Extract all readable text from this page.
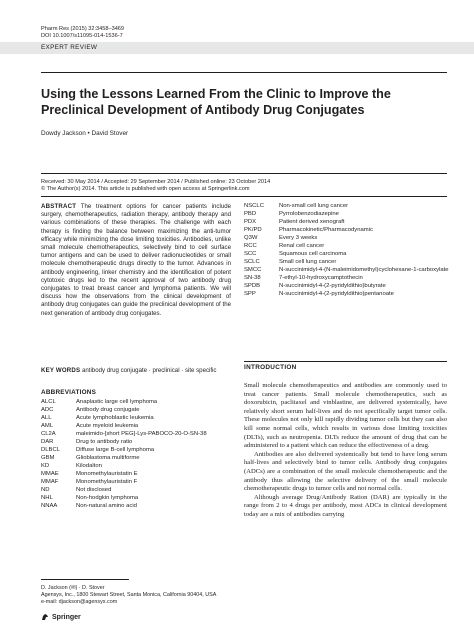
Pharm Res (2015) 32:3458–3469
DOI 10.1007/s11095-014-1536-7
EXPERT REVIEW
Using the Lessons Learned From the Clinic to Improve the Preclinical Development of Antibody Drug Conjugates
Dowdy Jackson • David Stover
Received: 30 May 2014 / Accepted: 29 September 2014 / Published online: 23 October 2014
© The Author(s) 2014. This article is published with open access at Springerlink.com
ABSTRACT The treatment options for cancer patients include surgery, chemotherapeutics, radiation therapy, antibody therapy and various combinations of these therapies. The challenge with each therapy is finding the balance between maximizing the anti-tumor efficacy while minimizing the dose limiting toxicities. Antibodies, unlike small molecule chemotherapeutics, selectively bind to cell surface tumor antigens and can be used to deliver radionucleotides or small molecule chemotherapeutic drugs directly to the tumor. Advances in antibody engineering, linker chemistry and the identification of potent cytotoxic drugs led to the recent approval of two antibody drug conjugates to treat breast cancer and lymphoma patients. We will discuss how the observations from the clinical development of antibody drug conjugates can guide the preclinical development of the next generation of antibody drug conjugates.
KEY WORDS antibody drug conjugate · preclinical · site specific
ABBREVIATIONS
ALCL	Anaplastic large cell lymphoma
ADC	Antibody drug conjugate
ALL	Acute lymphoblastic leukemia
AML	Acute myeloid leukemia
CL2A	maleimido-[short PEG]-Lys-PABOCO-20-O-SN-38
DAR	Drug to antibody ratio
DLBCL	Diffuse large B-cell lymphoma
GBM	Glioblastoma multiforme
KD	Kilodalton
MMAE	Monomethylauristatin E
MMAF	Monomethylauristatin F
ND	Not disclosed
NHL	Non-hodgkin lymphoma
NNAA	Non-natural amino acid
NSCLC	Non-small cell lung cancer
PBD	Pyrrolobenzodiazepine
PDX	Patient derived xenograft
PK/PD	Pharmacokinetic/Pharmacodynamic
Q3W	Every 3 weeks
RCC	Renal cell cancer
SCC	Squamous cell carcinoma
SCLC	Small cell lung cancer
SMCC	N-succinimidyl-4-(N-maleimidomethyl)cyclohexane-1-carboxylate
SN-38	7-ethyl-10-hydroxycamptothecin
SPDB	N-succinimidyl-4-(2-pyridyldithio)butyrate
SPP	N-succinimidyl-4-(2-pyridyldithio)pentanoate
D. Jackson (✉) · D. Stover
Agensys, Inc., 1800 Stewart Street, Santa Monica, California 90404, USA
e-mail: djackson@agensys.com
Springer
INTRODUCTION

Small molecule chemotherapeutics and antibodies are commonly used to treat cancer patients. Small molecule chemotherapeutics, such as doxorubicin, paclitaxel and vinblastine, are delivered systemically, have relatively short serum half-lives and do not specifically target tumor cells. These molecules not only kill rapidly dividing tumor cells but they can also kill some normal cells, which results in various dose limiting toxicities (DLTs), such as neutropenia. DLTs reduce the amount of drug that can be administered to a patient which can reduce the effectiveness of a drug.

Antibodies are also delivered systemically but tend to have long serum half-lives and selectively bind to tumor cells. Antibody drug conjugates (ADCs) are a combination of the small molecule chemotherapeutic and the antibody thus allowing the selective delivery of the small molecule chemotherapeutic drugs to tumor cells and not normal cells.

Although average Drug/Antibody Ration (DAR) are typically in the range from 2 to 4 drugs per antibody, most ADCs in clinical development today are a mix of antibodies carrying
